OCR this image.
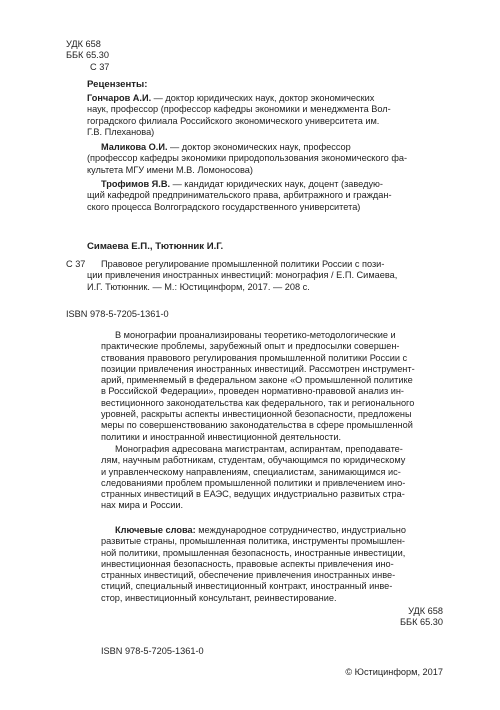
УДК 658
ББК 65.30
С 37
Рецензенты:
Гончаров А.И. — доктор юридических наук, доктор экономических
наук, профессор (профессор кафедры экономики и менеджмента Вол-
гоградского филиала Российского экономического университета им.
Г.В. Плеханова)
Маликова О.И. — доктор экономических наук, профессор
(профессор кафедры экономики природопользования экономического фа-
культета МГУ имени М.В. Ломоносова)
Трофимов Я.В. — кандидат юридических наук, доцент (заведую-
щий кафедрой предпринимательского права, арбитражного и граждан-
ского процесса Волгоградского государственного университета)
Симаева Е.П., Тютюнник И.Г.
С 37	Правовое регулирование промышленной политики России с пози-
ции привлечения иностранных инвестиций: монография / Е.П. Симаева,
И.Г. Тютюнник. — М.: Юстицинформ, 2017. — 208 с.
ISBN 978-5-7205-1361-0
В монографии проанализированы теоретико-методологические и
практические проблемы, зарубежный опыт и предпосылки совершен-
ствования правового регулирования промышленной политики России с
позиции привлечения иностранных инвестиций. Рассмотрен инструмент-
арий, применяемый в федеральном законе «О промышленной политике
в Российской Федерации», проведен нормативно-правовой анализ ин-
вестиционного законодательства как федерального, так и регионального
уровней, раскрыты аспекты инвестиционной безопасности, предложены
меры по совершенствованию законодательства в сфере промышленной
политики и иностранной инвестиционной деятельности.
Монография адресована магистрантам, аспирантам, преподавате-
лям, научным работникам, студентам, обучающимся по юридическому
и управленческому направлениям, специалистам, занимающимся ис-
следованиями проблем промышленной политики и привлечением ино-
странных инвестиций в ЕАЭС, ведущих индустриально развитых стра-
нах мира и России.
Ключевые слова: международное сотрудничество, индустриально
развитые страны, промышленная политика, инструменты промышлен-
ной политики, промышленная безопасность, иностранные инвестиции,
инвестиционная безопасность, правовые аспекты привлечения ино-
странных инвестиций, обеспечение привлечения иностранных инве-
стиций, специальный инвестиционный контракт, иностранный инве-
стор, инвестиционный консультант, реинвестирование.
УДК 658
ББК 65.30
ISBN 978-5-7205-1361-0
© Юстицинформ, 2017
